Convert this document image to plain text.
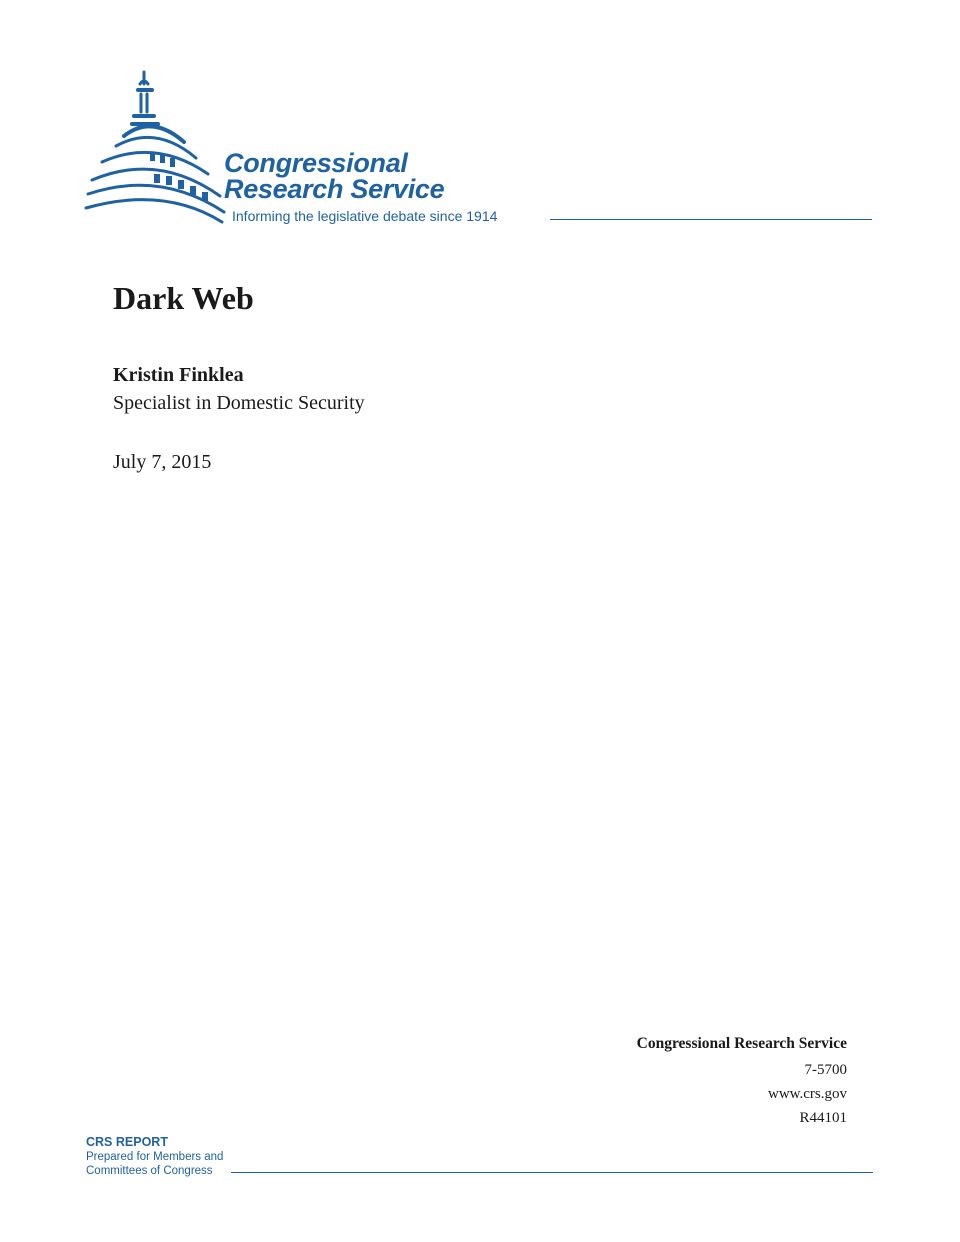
Congressional
Research Service
Informing the legislative debate since 1914
Dark Web
Kristin Finklea
Specialist in Domestic Security
July 7, 2015
Congressional Research Service
7-5700
www.crs.gov
R44101
CRS REPORT
Prepared for Members and
Committees of Congress
